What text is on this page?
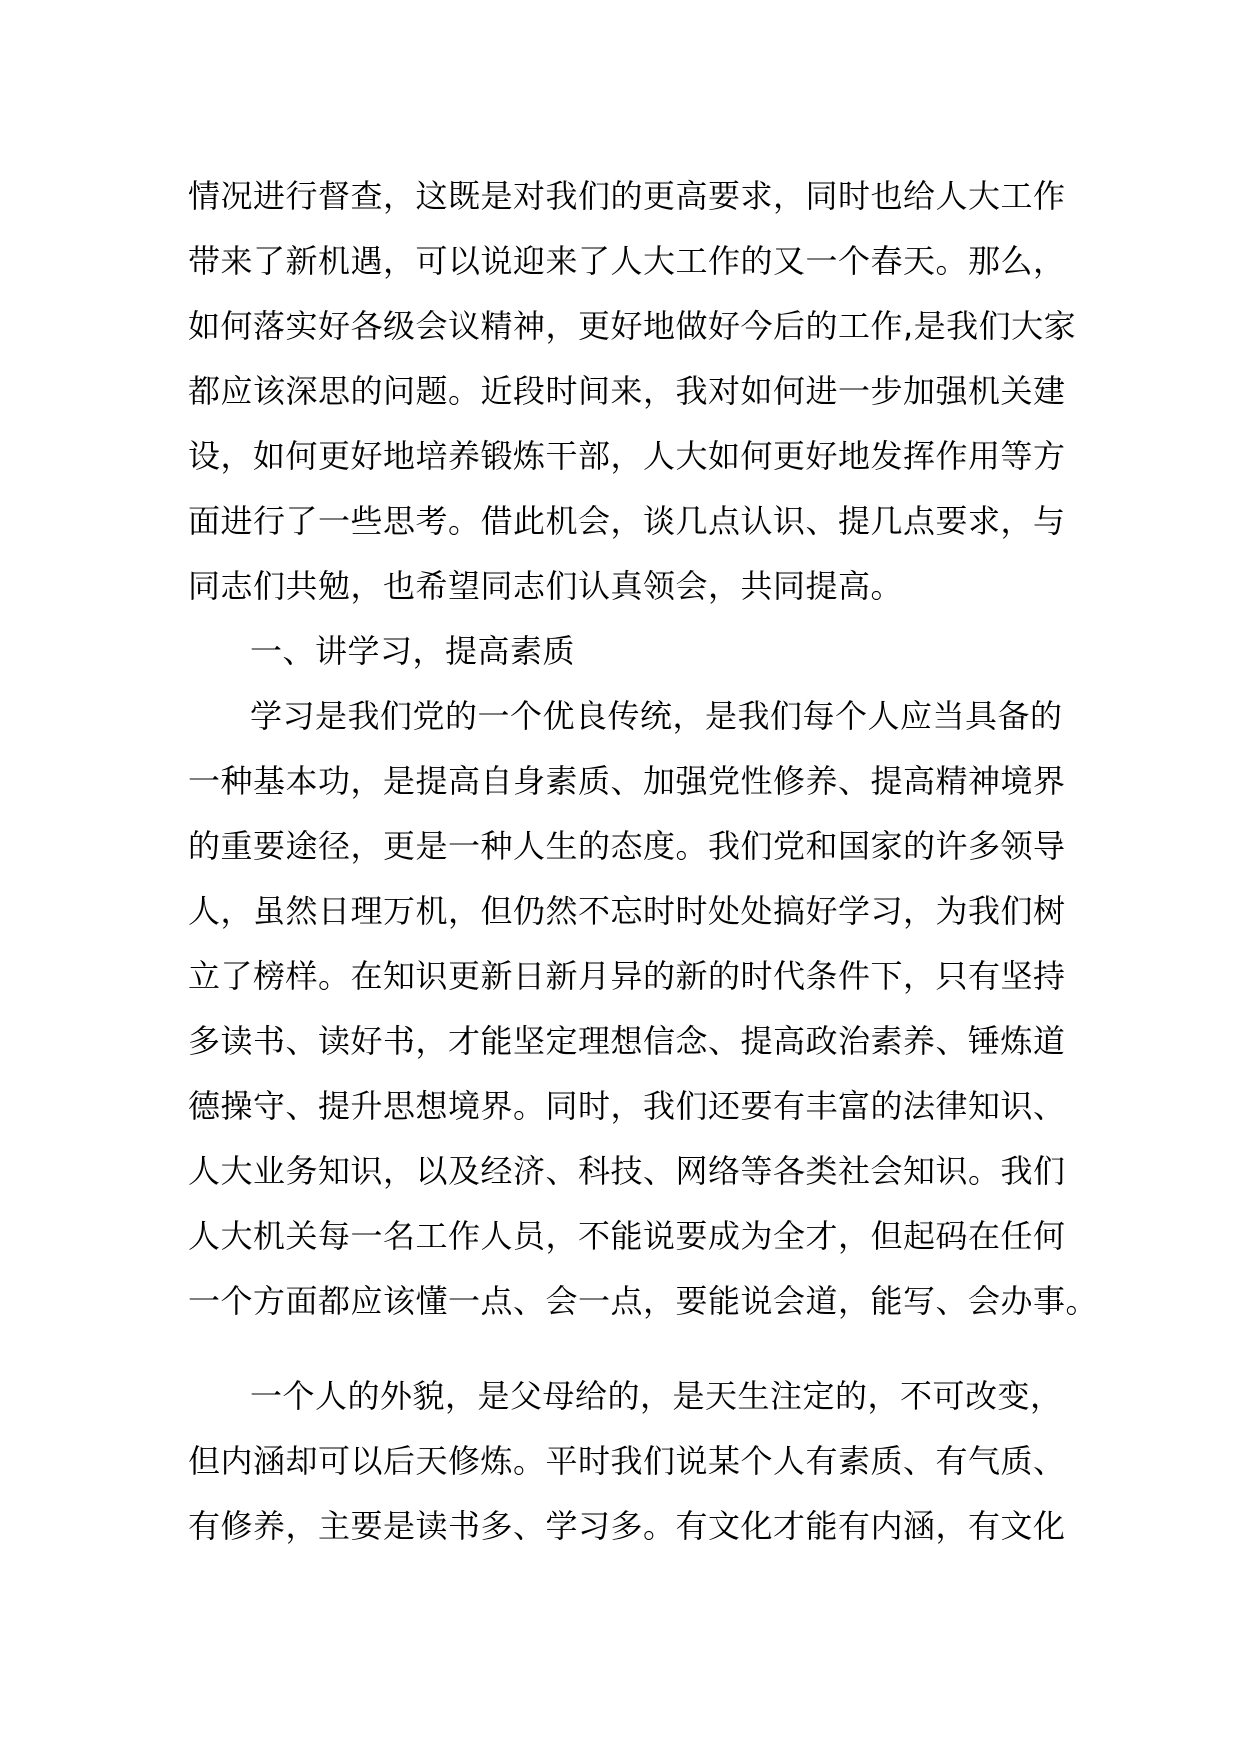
情况进行督查，这既是对我们的更高要求，同时也给人大工作
带来了新机遇，可以说迎来了人大工作的又一个春天。那么，
如何落实好各级会议精神，更好地做好今后的工作,是我们大家
都应该深思的问题。近段时间来，我对如何进一步加强机关建
设，如何更好地培养锻炼干部，人大如何更好地发挥作用等方
面进行了一些思考。借此机会，谈几点认识、提几点要求，与
同志们共勉，也希望同志们认真领会，共同提高。
一、讲学习，提高素质
学习是我们党的一个优良传统，是我们每个人应当具备的
一种基本功，是提高自身素质、加强党性修养、提高精神境界
的重要途径，更是一种人生的态度。我们党和国家的许多领导
人，虽然日理万机，但仍然不忘时时处处搞好学习，为我们树
立了榜样。在知识更新日新月异的新的时代条件下，只有坚持
多读书、读好书，才能坚定理想信念、提高政治素养、锤炼道
德操守、提升思想境界。同时，我们还要有丰富的法律知识、
人大业务知识，以及经济、科技、网络等各类社会知识。我们
人大机关每一名工作人员，不能说要成为全才，但起码在任何
一个方面都应该懂一点、会一点，要能说会道，能写、会办事。
一个人的外貌，是父母给的，是天生注定的，不可改变，
但内涵却可以后天修炼。平时我们说某个人有素质、有气质、
有修养，主要是读书多、学习多。有文化才能有内涵，有文化
